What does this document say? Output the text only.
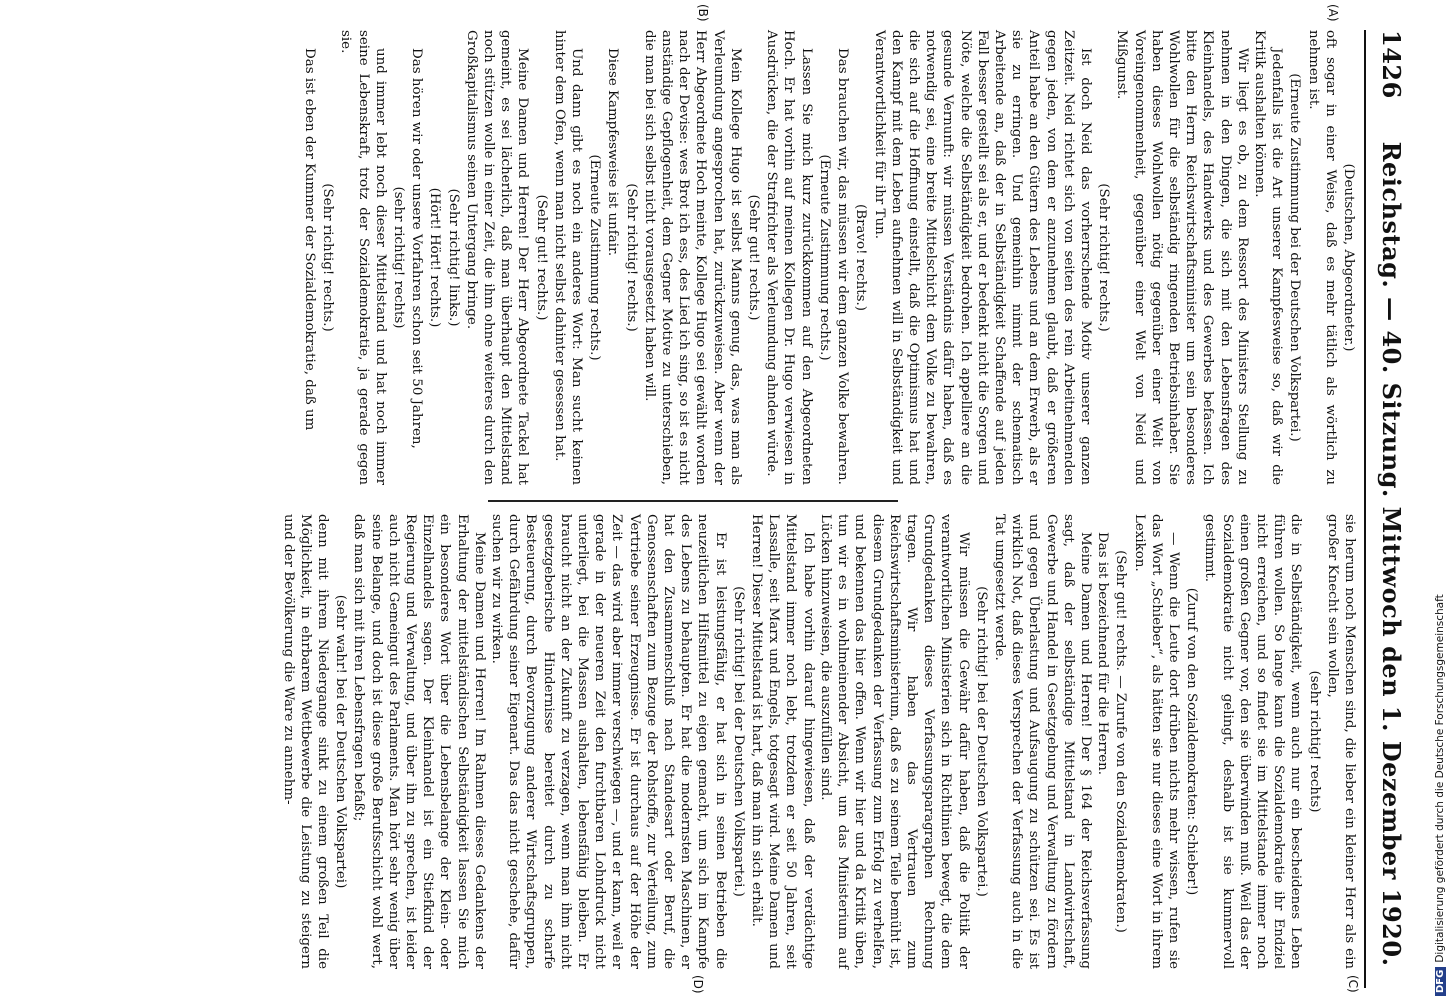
DFGDigitalisierung gefördert durch die Deutsche Forschungsgemeinschaft
1426
Reichstag. — 40. Sitzung. Mittwoch den 1. Dezember 1920.
(A)
(B)
(C)
(D)

(Deutschen, Abgeordneter.)

oft sogar in einer Weise, daß es mehr tätlich als wörtlich zu nehmen ist.

(Erneute Zustimmung bei der Deutschen Volkspartei.)

Jedenfalls ist die Art unserer Kampfesweise so, daß wir die Kritik aushalten können.

Wir liegt es ob, zu dem Ressort des Ministers Stellung zu nehmen in den Dingen, die sich mit den Lebensfragen des Kleinhandels, des Handwerks und des Gewerbes befassen. Ich bitte den Herrn Reichswirtschaftsminister um sein besonderes Wohlwollen für die selbständig ringenden Betriebsinhaber. Sie haben dieses Wohlwollen nötig gegenüber einer Welt von Voreingenommenheit, gegenüber einer Welt von Neid und Mißgunst.

(Sehr richtig! rechts.)

Ist doch Neid das vorherrschende Motiv unserer ganzen Zeitzeit. Neid richtet sich von seiten des rein Arbeitnehmenden gegen jeden, von dem er anzunehmen glaubt, daß er größeren Anteil habe an den Gütern des Lebens und an dem Erwerb, als er sie zu erringen. Und gemeinhin nimmt der schematisch Arbeitende an, daß der in Selbständigkeit Schaffende auf jeden Fall besser gestellt sei als er, und er bedenkt nicht die Sorgen und Nöte, welche die Selbständigkeit bedrohen. Ich appelliere an die gesunde Vernunft: wir müssen Verständnis dafür haben, daß es notwendig sei, eine breite Mittelschicht dem Volke zu bewahren, die sich auf die Hoffnung einstellt, daß die Optimismus hat und den Kampf mit dem Leben aufnehmen will in Selbständigkeit und Verantwortlichkeit für ihr Tun.

(Bravo! rechts.)

Das brauchen wir, das müssen wir dem ganzen Volke bewahren.

(Erneute Zustimmung rechts.)

Lassen Sie mich kurz zurückkommen auf den Abgeordneten Hoch. Er hat vorhin auf meinen Kollegen Dr. Hugo verwiesen in Ausdrücken, die der Strafrichter als Verleumdung ahnden würde.

(Sehr gut! rechts.)

Mein Kollege Hugo ist selbst Manns genug, das, was man als Verleumdung angesprochen hat, zurückzuweisen. Aber wenn der Herr Abgeordnete Hoch meinte, Kollege Hugo sei gewählt worden nach der Devise: wes Brot ich ess, des Lied ich sing, so ist es nicht anständige Gepflogenheit, dem Gegner Motive zu unterschieben, die man bei sich selbst nicht vorausgesetzt haben will.

(Sehr richtig! rechts.)

Diese Kampfesweise ist unfair.

(Erneute Zustimmung rechts.)

Und dann gibt es noch ein anderes Wort: Man sucht keinen hinter dem Ofen, wenn man nicht selbst dahinter gesessen hat.

(Sehr gut! rechts.)

Meine Damen und Herren! Der Herr Abgeordnete Tackel hat gemeint, es sei lächerlich, daß man überhaupt den Mittelstand noch stützen wolle in einer Zeit, die ihm ohne weiteres durch den Großkapitalismus seinen Untergang bringe.

(Sehr richtig! links.)

(Hört! Hört! rechts.)

Das hören wir oder unsere Vorfahren schon seit 50 Jahren,

(sehr richtig! rechts)

und immer lebt noch dieser Mittelstand und hat noch immer seine Lebenskraft, trotz der Sozialdemokratie, ja gerade gegen sie.

(Sehr richtig! rechts.)

Das ist eben der Kummer der Sozialdemokratie, daß um

sie herum noch Menschen sind, die lieber ein kleiner Herr als ein großer Knecht sein wollen,

(sehr richtig! rechts)

die in Selbständigkeit, wenn auch nur ein bescheidenes Leben führen wollen. So lange kann die Sozialdemokratie ihr Endziel nicht erreichen, und so findet sie im Mittelstande immer noch einen großen Gegner vor, den sie überwinden muß. Weil das der Sozialdemokratie nicht gelingt, deshalb ist sie kummervoll gestimmt.

(Zuruf von den Sozialdemokraten: Schieber!)

— Wenn die Leute dort drüben nichts mehr wissen, rufen sie das Wort „Schieber“, als hätten sie nur dieses eine Wort in ihrem Lexikon.

(Sehr gut! rechts. — Zurufe von den Sozialdemokraten.)

Das ist bezeichnend für die Herren.

Meine Damen und Herren! Der § 164 der Reichsverfassung sagt, daß der selbständige Mittelstand in Landwirtschaft, Gewerbe und Handel in Gesetzgebung und Verwaltung zu fördern und gegen Überlastung und Aufsaugung zu schützen sei. Es ist wirklich Not, daß dieses Versprechen der Verfassung auch in die Tat umgesetzt werde.

(Sehr richtig! bei der Deutschen Volkspartei.)

Wir müssen die Gewähr dafür haben, daß die Politik der verantwortlichen Ministerien sich in Richtlinien bewegt, die dem Grundgedanken dieses Verfassungsparagraphen Rechnung tragen. Wir haben das Vertrauen zum Reichswirtschaftsministerium, daß es zu seinem Teile bemüht ist, diesem Grundgedanken der Verfassung zum Erfolg zu verhelfen, und bekennen das hier offen. Wenn wir hier und da Kritik üben, tun wir es in wohlmeinender Absicht, um das Ministerium auf Lücken hinzuweisen, die auszufüllen sind.

Ich habe vorhin darauf hingewiesen, daß der verdächtige Mittelstand immer noch lebt, trotzdem er seit 50 Jahren, seit Lassalle, seit Marx und Engels, totgesagt wird. Meine Damen und Herren! Dieser Mittelstand ist hart, daß man ihn sich erhält.

(Sehr richtig! bei der Deutschen Volkspartei.)

Er ist leistungsfähig, er hat sich in seinen Betrieben die neuzeitlichen Hilfsmittel zu eigen gemacht, um sich im Kampfe des Lebens zu behaupten. Er hat die modernsten Maschinen, er hat den Zusammenschluß nach Standesart oder Beruf, die Genossenschaften zum Bezuge der Rohstoffe, zur Verteilung, zum Vertriebe seiner Erzeugnisse. Er ist durchaus auf der Höhe der Zeit — das wird aber immer verschwiegen —, und er kann, weil er gerade in der neueren Zeit den furchtbaren Lohndruck nicht unterliegt, bei die Massen aushalten, lebensfähig bleiben. Er braucht nicht an der Zukunft zu verzagen, wenn man ihm nicht gesetzgeberische Hindernisse bereitet durch zu scharfe Besteuerung, durch Bevorzugung anderer Wirtschaftsgruppen, durch Gefährdung seiner Eigenart. Das das nicht geschehe, dafür suchen wir zu wirken.

Meine Damen und Herren! Im Rahmen dieses Gedankens der Erhaltung der mittelständischen Selbständigkeit lassen Sie mich ein besonderes Wort über die Lebensbelange der Klein- oder Einzelhandels sagen. Der Kleinhandel ist ein Stiefkind der Regierung und Verwaltung, und über ihn zu sprechen, ist leider auch nicht Gemeingut des Parlaments. Man hört sehr wenig über seine Belange, und doch ist diese große Berufsschicht wohl wert, daß man sich mit ihren Lebensfragen befaßt;

(sehr wahr! bei der Deutschen Volkspartei)

denn mit ihrem Niedergange sinkt zu einem großen Teil die Möglichkeit, in ehrbarem Wettbewerbe die Leistung zu steigern und der Bevölkerung die Ware zu annehm-
